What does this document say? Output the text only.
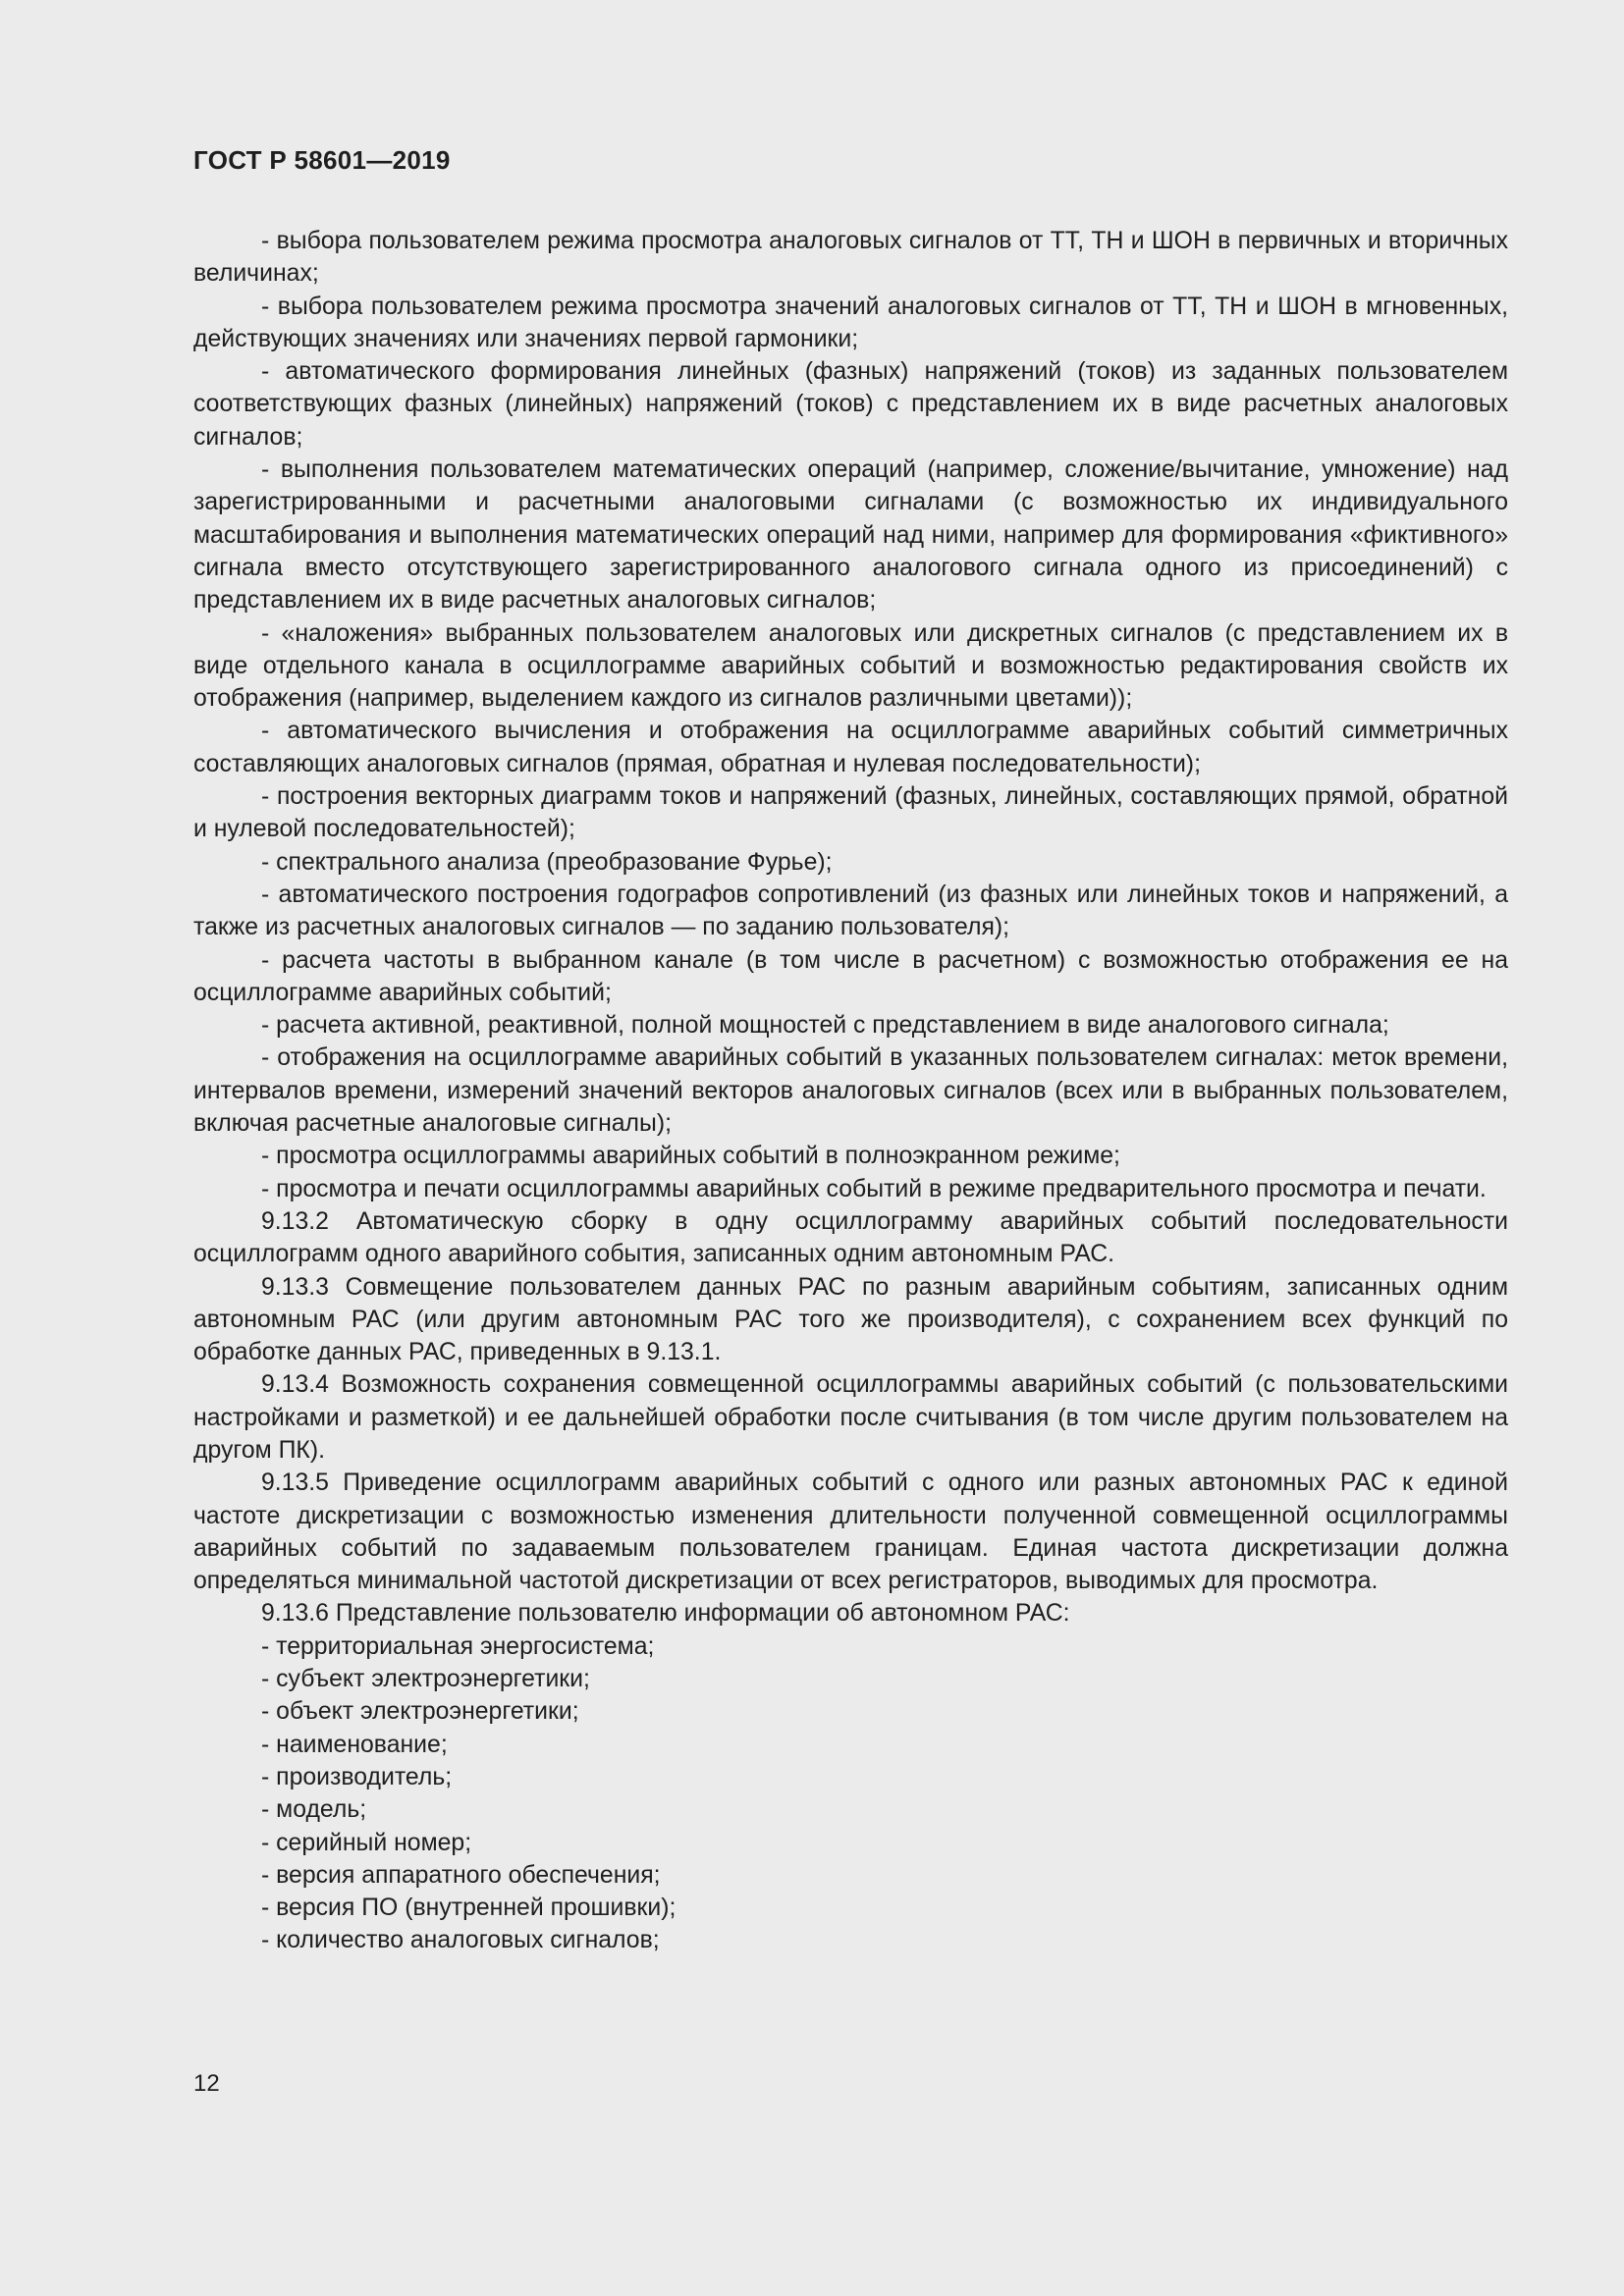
ГОСТ Р 58601—2019

- выбора пользователем режима просмотра аналоговых сигналов от ТТ, ТН и ШОН в первичных и вторичных величинах;

- выбора пользователем режима просмотра значений аналоговых сигналов от ТТ, ТН и ШОН в мгновенных, действующих значениях или значениях первой гармоники;

- автоматического формирования линейных (фазных) напряжений (токов) из заданных пользователем соответствующих фазных (линейных) напряжений (токов) с представлением их в виде расчетных аналоговых сигналов;

- выполнения пользователем математических операций (например, сложение/вычитание, умножение) над зарегистрированными и расчетными аналоговыми сигналами (с возможностью их индивидуального масштабирования и выполнения математических операций над ними, например для формирования «фиктивного» сигнала вместо отсутствующего зарегистрированного аналогового сигнала одного из присоединений) с представлением их в виде расчетных аналоговых сигналов;

- «наложения» выбранных пользователем аналоговых или дискретных сигналов (с представлением их в виде отдельного канала в осциллограмме аварийных событий и возможностью редактирования свойств их отображения (например, выделением каждого из сигналов различными цветами));

- автоматического вычисления и отображения на осциллограмме аварийных событий симметричных составляющих аналоговых сигналов (прямая, обратная и нулевая последовательности);

- построения векторных диаграмм токов и напряжений (фазных, линейных, составляющих прямой, обратной и нулевой последовательностей);

- спектрального анализа (преобразование Фурье);

- автоматического построения годографов сопротивлений (из фазных или линейных токов и напряжений, а также из расчетных аналоговых сигналов — по заданию пользователя);

- расчета частоты в выбранном канале (в том числе в расчетном) с возможностью отображения ее на осциллограмме аварийных событий;

- расчета активной, реактивной, полной мощностей с представлением в виде аналогового сигнала;

- отображения на осциллограмме аварийных событий в указанных пользователем сигналах: меток времени, интервалов времени, измерений значений векторов аналоговых сигналов (всех или в выбранных пользователем, включая расчетные аналоговые сигналы);

- просмотра осциллограммы аварийных событий в полноэкранном режиме;

- просмотра и печати осциллограммы аварийных событий в режиме предварительного просмотра и печати.

9.13.2 Автоматическую сборку в одну осциллограмму аварийных событий последовательности осциллограмм одного аварийного события, записанных одним автономным РАС.

9.13.3 Совмещение пользователем данных РАС по разным аварийным событиям, записанных одним автономным РАС (или другим автономным РАС того же производителя), с сохранением всех функций по обработке данных РАС, приведенных в 9.13.1.

9.13.4 Возможность сохранения совмещенной осциллограммы аварийных событий (с пользовательскими настройками и разметкой) и ее дальнейшей обработки после считывания (в том числе другим пользователем на другом ПК).

9.13.5 Приведение осциллограмм аварийных событий с одного или разных автономных РАС к единой частоте дискретизации с возможностью изменения длительности полученной совмещенной осциллограммы аварийных событий по задаваемым пользователем границам. Единая частота дискретизации должна определяться минимальной частотой дискретизации от всех регистраторов, выводимых для просмотра.

9.13.6 Представление пользователю информации об автономном РАС:

- территориальная энергосистема;

- субъект электроэнергетики;

- объект электроэнергетики;

- наименование;

- производитель;

- модель;

- серийный номер;

- версия аппаратного обеспечения;

- версия ПО (внутренней прошивки);

- количество аналоговых сигналов;

12
